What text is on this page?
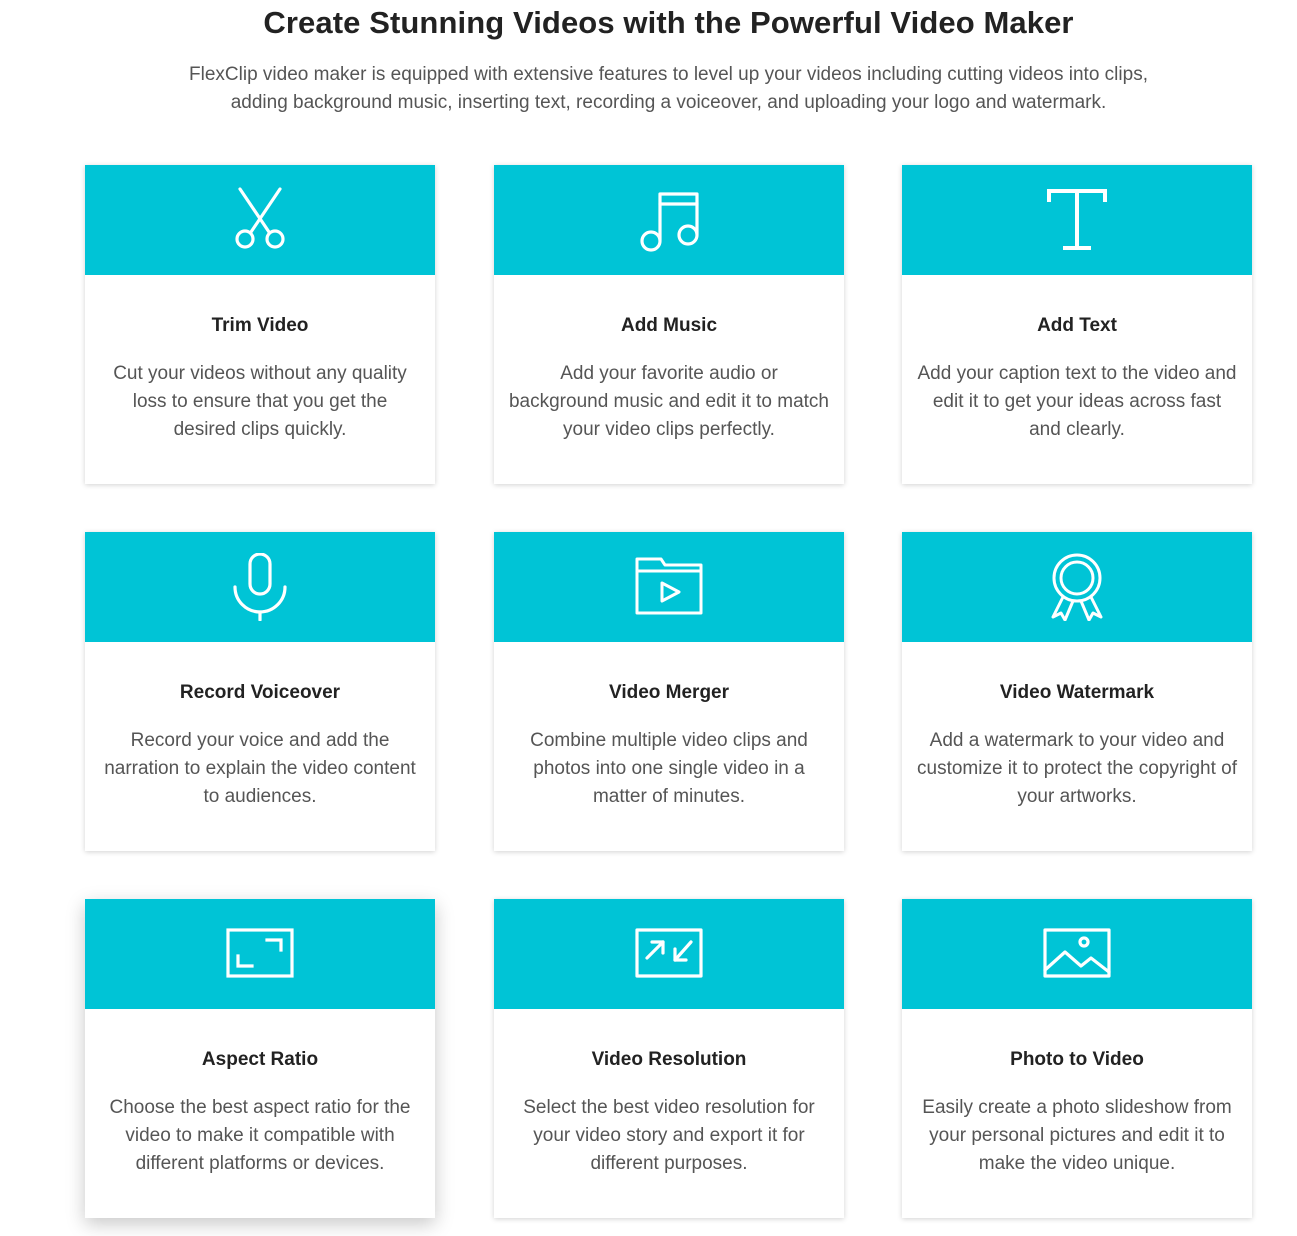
Create Stunning Videos with the Powerful Video Maker

FlexClip video maker is equipped with extensive features to level up your videos including cutting videos into clips, adding background music, inserting text, recording a voiceover, and uploading your logo and watermark.

Trim Video

Cut your videos without any quality loss to ensure that you get the desired clips quickly.

Add Music

Add your favorite audio or background music and edit it to match your video clips perfectly.

Add Text

Add your caption text to the video and edit it to get your ideas across fast and clearly.

Record Voiceover

Record your voice and add the narration to explain the video content to audiences.

Video Merger

Combine multiple video clips and photos into one single video in a matter of minutes.

Video Watermark

Add a watermark to your video and customize it to protect the copyright of your artworks.

Aspect Ratio

Choose the best aspect ratio for the video to make it compatible with different platforms or devices.

Video Resolution

Select the best video resolution for your video story and export it for different purposes.

Photo to Video

Easily create a photo slideshow from your personal pictures and edit it to make the video unique.
